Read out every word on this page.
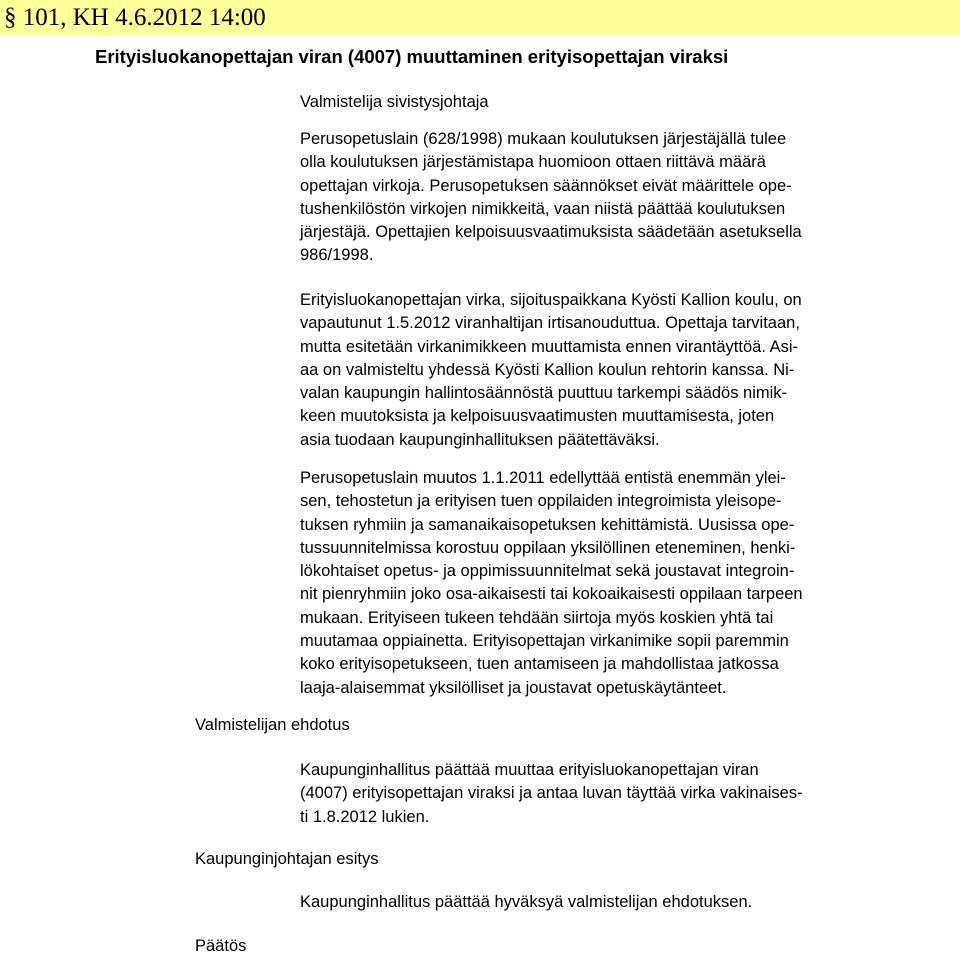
§ 101, KH 4.6.2012 14:00
Erityisluokanopettajan viran (4007) muuttaminen erityisopettajan viraksi
Valmistelija sivistysjohtaja
Perusopetuslain (628/1998) mukaan koulutuksen järjestäjällä tulee
olla koulutuksen järjestämistapa huomioon ottaen riittävä määrä
opettajan virkoja. Perusopetuksen säännökset eivät määrittele ope-
tushenkilöstön virkojen nimikkeitä, vaan niistä päättää koulutuksen
järjestäjä. Opettajien kelpoisuusvaatimuksista säädetään asetuksella
986/1998.
Erityisluokanopettajan virka, sijoituspaikkana Kyösti Kallion koulu, on
vapautunut 1.5.2012 viranhaltijan irtisanouduttua. Opettaja tarvitaan,
mutta esitetään virkanimikkeen muuttamista ennen virantäyttöä. Asi-
aa on valmisteltu yhdessä Kyösti Kallion koulun rehtorin kanssa. Ni-
valan kaupungin hallintosäännöstä puuttuu tarkempi säädös nimik-
keen muutoksista ja kelpoisuusvaatimusten muuttamisesta, joten
asia tuodaan kaupunginhallituksen päätettäväksi.
Perusopetuslain muutos 1.1.2011 edellyttää entistä enemmän ylei-
sen, tehostetun ja erityisen tuen oppilaiden integroimista yleisope-
tuksen ryhmiin ja samanaikaisopetuksen kehittämistä. Uusissa ope-
tussuunnitelmissa korostuu oppilaan yksilöllinen eteneminen, henki-
lökohtaiset opetus- ja oppimissuunnitelmat sekä joustavat integroin-
nit pienryhmiin joko osa-aikaisesti tai kokoaikaisesti oppilaan tarpeen
mukaan. Erityiseen tukeen tehdään siirtoja myös koskien yhtä tai
muutamaa oppiainetta. Erityisopettajan virkanimike sopii paremmin
koko erityisopetukseen, tuen antamiseen ja mahdollistaa jatkossa
laaja-alaisemmat yksilölliset ja joustavat opetuskäytänteet.
Valmistelijan ehdotus
Kaupunginhallitus päättää muuttaa erityisluokanopettajan viran
(4007) erityisopettajan viraksi ja antaa luvan täyttää virka vakinaises-
ti 1.8.2012 lukien.
Kaupunginjohtajan esitys
Kaupunginhallitus päättää hyväksyä valmistelijan ehdotuksen.
Päätös
